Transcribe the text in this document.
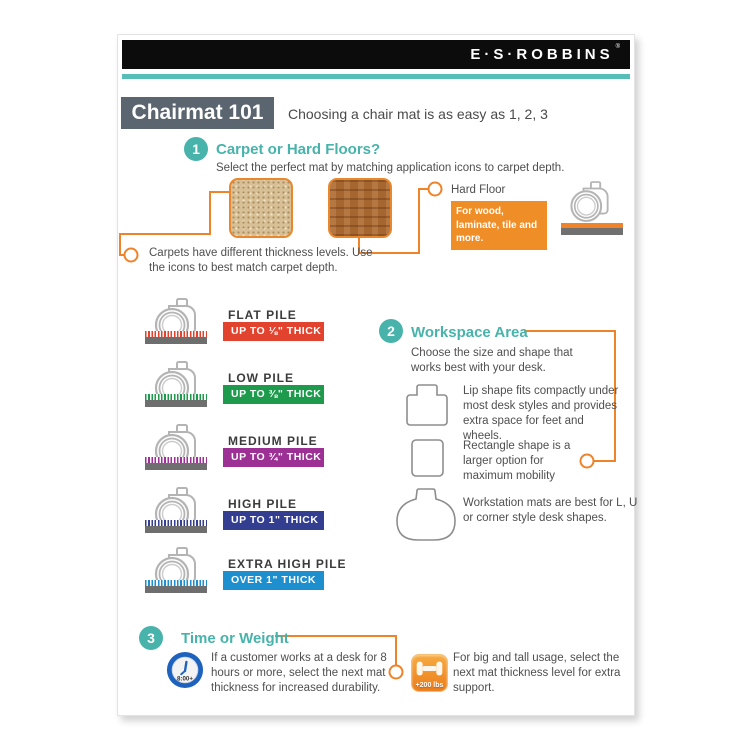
E·S·ROBBINS ®
Chairmat 101	Choosing a chair mat is as easy as 1, 2, 3
1	Carpet or Hard Floors?
Select the perfect mat by matching application icons to carpet depth.
Hard Floor
For wood, laminate, tile and more.
Carpets have different thickness levels. Use the icons to best match carpet depth.
FLAT PILE
UP TO ⅛" THICK
LOW PILE
UP TO ⅜" THICK
MEDIUM PILE
UP TO ¾" THICK
HIGH PILE
UP TO 1" THICK
EXTRA HIGH PILE
OVER 1" THICK
2	Workspace Area
Choose the size and shape that works best with your desk.
Lip shape fits compactly under most desk styles and provides extra space for feet and wheels.
Rectangle shape is a larger option for maximum mobility
Workstation mats are best for L, U or corner style desk shapes.
3	Time or Weight
8:00+
If a customer works at a desk for 8 hours or more, select the next mat thickness for increased durability.	+200 lbs
For big and tall usage, select the next mat thickness level for extra support.
